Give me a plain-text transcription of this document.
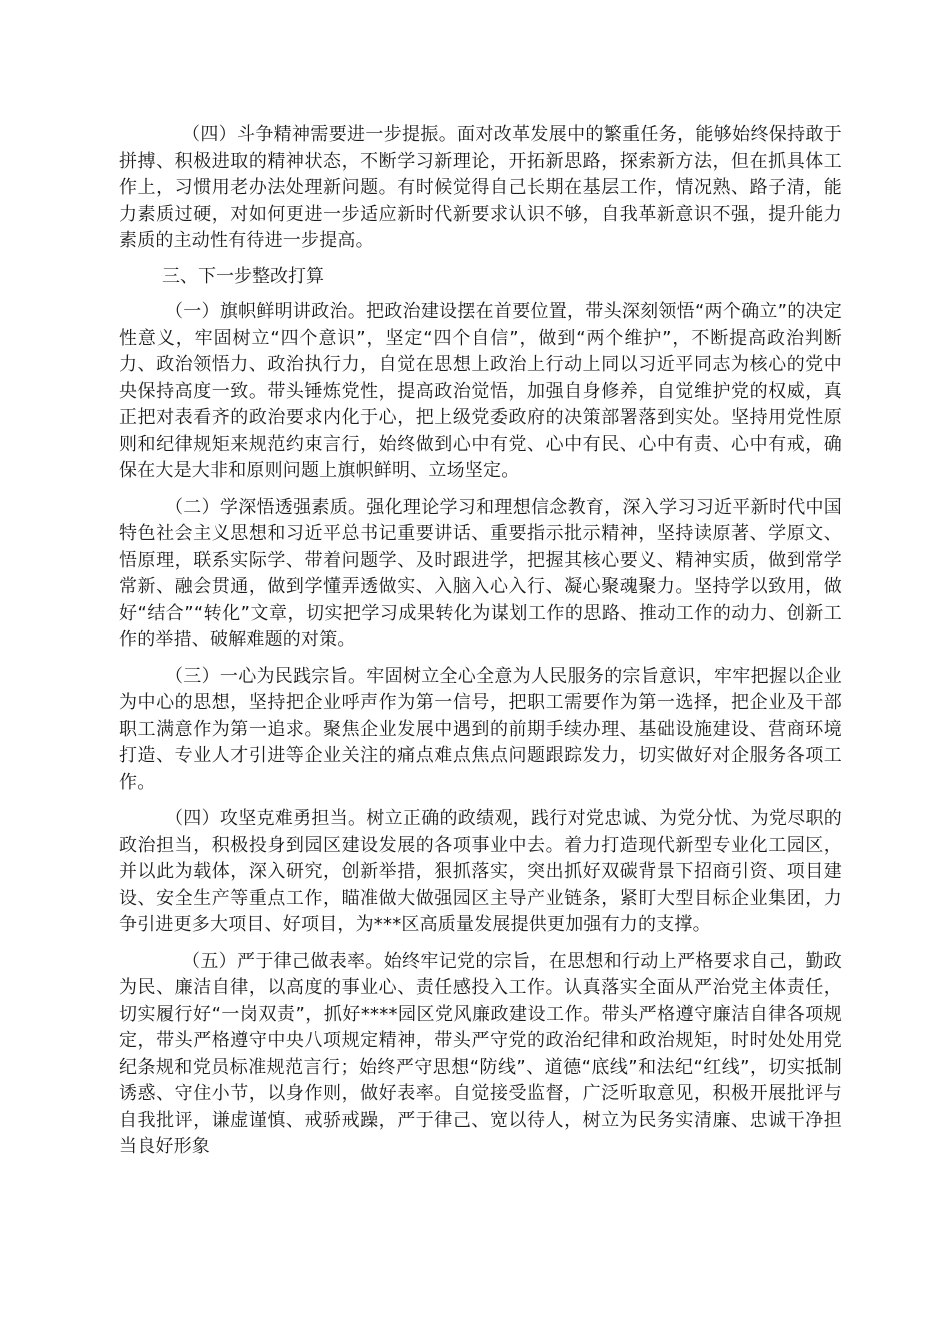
（四）斗争精神需要进一步提振。面对改革发展中的繁重任务，能够始终保持敢于拼搏、积极进取的精神状态，不断学习新理论，开拓新思路，探索新方法，但在抓具体工作上，习惯用老办法处理新问题。有时候觉得自己长期在基层工作，情况熟、路子清，能力素质过硬，对如何更进一步适应新时代新要求认识不够，自我革新意识不强，提升能力素质的主动性有待进一步提高。

三、下一步整改打算

（一）旗帜鲜明讲政治。把政治建设摆在首要位置，带头深刻领悟“两个确立”的决定性意义，牢固树立“四个意识”，坚定“四个自信”，做到“两个维护”，不断提高政治判断力、政治领悟力、政治执行力，自觉在思想上政治上行动上同以习近平同志为核心的党中央保持高度一致。带头锤炼党性，提高政治觉悟，加强自身修养，自觉维护党的权威，真正把对表看齐的政治要求内化于心，把上级党委政府的决策部署落到实处。坚持用党性原则和纪律规矩来规范约束言行，始终做到心中有党、心中有民、心中有责、心中有戒，确保在大是大非和原则问题上旗帜鲜明、立场坚定。

（二）学深悟透强素质。强化理论学习和理想信念教育，深入学习习近平新时代中国特色社会主义思想和习近平总书记重要讲话、重要指示批示精神，坚持读原著、学原文、悟原理，联系实际学、带着问题学、及时跟进学，把握其核心要义、精神实质，做到常学常新、融会贯通，做到学懂弄透做实、入脑入心入行、凝心聚魂聚力。坚持学以致用，做好“结合”“转化”文章，切实把学习成果转化为谋划工作的思路、推动工作的动力、创新工作的举措、破解难题的对策。

（三）一心为民践宗旨。牢固树立全心全意为人民服务的宗旨意识，牢牢把握以企业为中心的思想，坚持把企业呼声作为第一信号，把职工需要作为第一选择，把企业及干部职工满意作为第一追求。聚焦企业发展中遇到的前期手续办理、基础设施建设、营商环境打造、专业人才引进等企业关注的痛点难点焦点问题跟踪发力，切实做好对企服务各项工作。

（四）攻坚克难勇担当。树立正确的政绩观，践行对党忠诚、为党分忧、为党尽职的政治担当，积极投身到园区建设发展的各项事业中去。着力打造现代新型专业化工园区，并以此为载体，深入研究，创新举措，狠抓落实，突出抓好双碳背景下招商引资、项目建设、安全生产等重点工作，瞄准做大做强园区主导产业链条，紧盯大型目标企业集团，力争引进更多大项目、好项目，为***区高质量发展提供更加强有力的支撑。

（五）严于律己做表率。始终牢记党的宗旨，在思想和行动上严格要求自己，勤政为民、廉洁自律，以高度的事业心、责任感投入工作。认真落实全面从严治党主体责任，切实履行好“一岗双责”，抓好****园区党风廉政建设工作。带头严格遵守廉洁自律各项规定，带头严格遵守中央八项规定精神，带头严守党的政治纪律和政治规矩，时时处处用党纪条规和党员标准规范言行；始终严守思想“防线”、道德“底线”和法纪“红线”，切实抵制诱惑、守住小节，以身作则，做好表率。自觉接受监督，广泛听取意见，积极开展批评与自我批评，谦虚谨慎、戒骄戒躁，严于律己、宽以待人，树立为民务实清廉、忠诚干净担当良好形象
